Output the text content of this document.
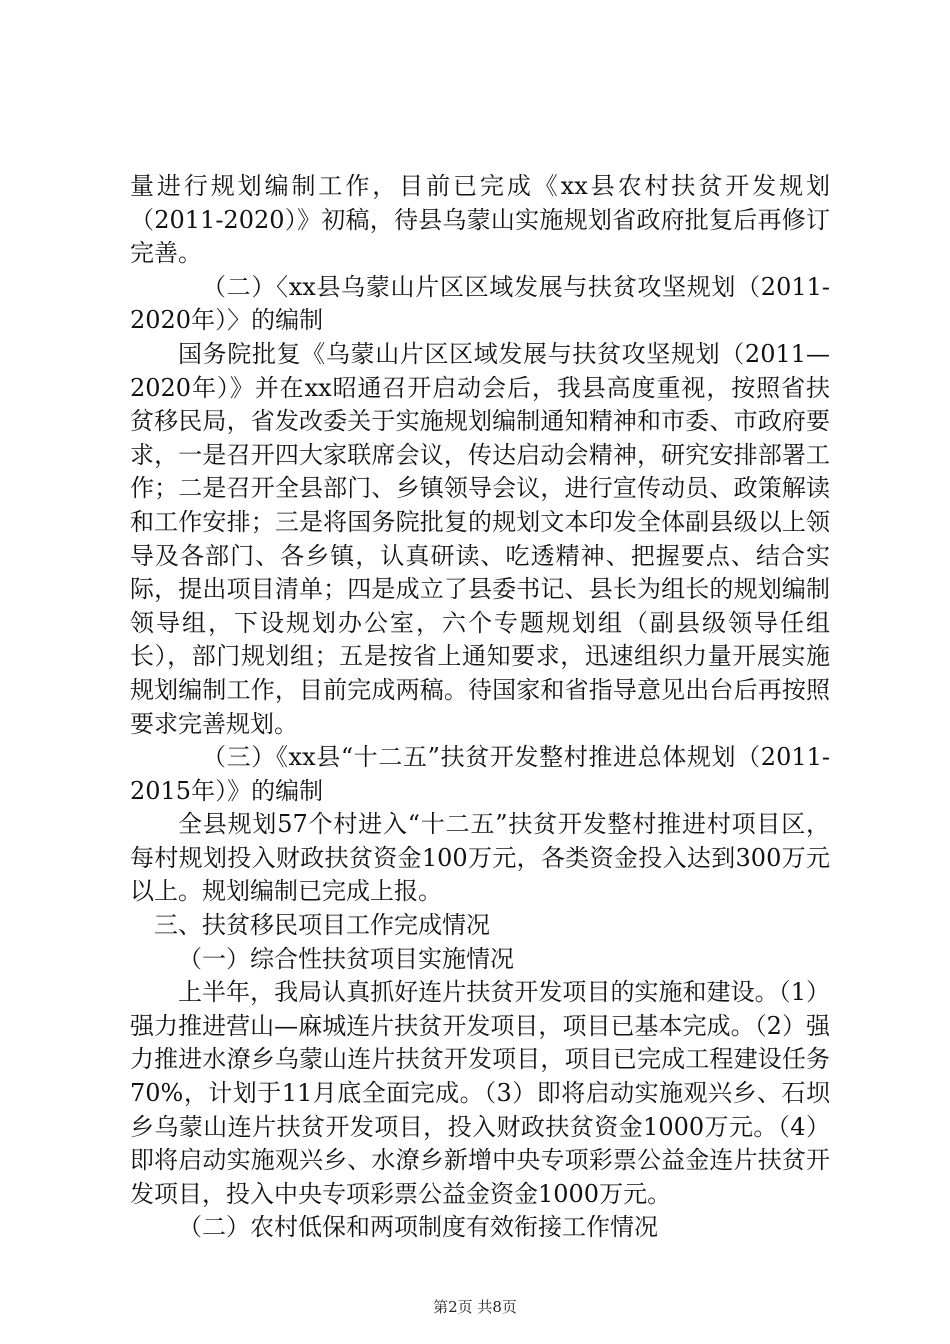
量进行规划编制工作，目前已完成《xx县农村扶贫开发规划（2011-2020）》初稿，待县乌蒙山实施规划省政府批复后再修订完善。

（二）〈xx县乌蒙山片区区域发展与扶贫攻坚规划（2011-2020年）〉的编制

国务院批复《乌蒙山片区区域发展与扶贫攻坚规划（2011—2020年）》并在xx昭通召开启动会后，我县高度重视，按照省扶贫移民局，省发改委关于实施规划编制通知精神和市委、市政府要求，一是召开四大家联席会议，传达启动会精神，研究安排部署工作；二是召开全县部门、乡镇领导会议，进行宣传动员、政策解读和工作安排；三是将国务院批复的规划文本印发全体副县级以上领导及各部门、各乡镇，认真研读、吃透精神、把握要点、结合实际，提出项目清单；四是成立了县委书记、县长为组长的规划编制领导组，下设规划办公室，六个专题规划组（副县级领导任组长），部门规划组；五是按省上通知要求，迅速组织力量开展实施规划编制工作，目前完成两稿。待国家和省指导意见出台后再按照要求完善规划。

（三）《xx县“十二五”扶贫开发整村推进总体规划（2011-2015年）》的编制

全县规划57个村进入“十二五”扶贫开发整村推进村项目区，每村规划投入财政扶贫资金100万元，各类资金投入达到300万元以上。规划编制已完成上报。

三、扶贫移民项目工作完成情况

（一）综合性扶贫项目实施情况

上半年，我局认真抓好连片扶贫开发项目的实施和建设。（1）强力推进营山—麻城连片扶贫开发项目，项目已基本完成。（2）强力推进水潦乡乌蒙山连片扶贫开发项目，项目已完成工程建设任务70%，计划于11月底全面完成。（3）即将启动实施观兴乡、石坝乡乌蒙山连片扶贫开发项目，投入财政扶贫资金1000万元。（4）即将启动实施观兴乡、水潦乡新增中央专项彩票公益金连片扶贫开发项目，投入中央专项彩票公益金资金1000万元。

（二）农村低保和两项制度有效衔接工作情况

第2页 共8页
